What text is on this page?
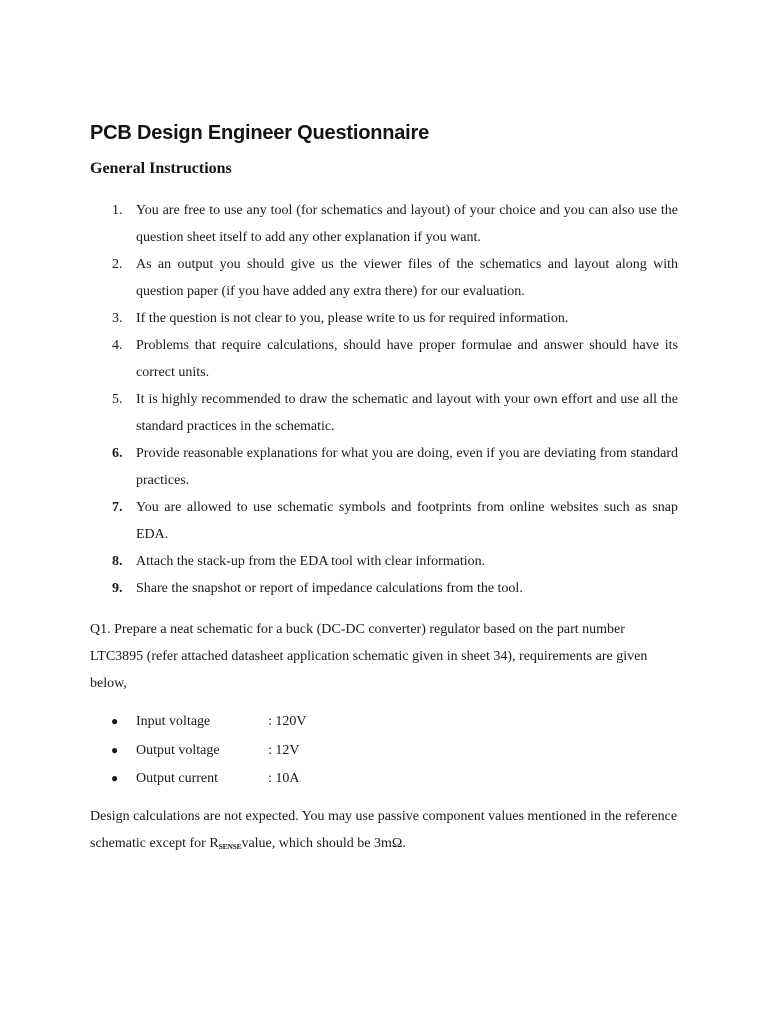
PCB Design Engineer Questionnaire
General Instructions
1. You are free to use any tool (for schematics and layout) of your choice and you can also use the question sheet itself to add any other explanation if you want.
2. As an output you should give us the viewer files of the schematics and layout along with question paper (if you have added any extra there) for our evaluation.
3. If the question is not clear to you, please write to us for required information.
4. Problems that require calculations, should have proper formulae and answer should have its correct units.
5. It is highly recommended to draw the schematic and layout with your own effort and use all the standard practices in the schematic.
6. Provide reasonable explanations for what you are doing, even if you are deviating from standard practices.
7. You are allowed to use schematic symbols and footprints from online websites such as snap EDA.
8. Attach the stack-up from the EDA tool with clear information.
9. Share the snapshot or report of impedance calculations from the tool.

Q1. Prepare a neat schematic for a buck (DC-DC converter) regulator based on the part number LTC3895 (refer attached datasheet application schematic given in sheet 34), requirements are given below,

● Input voltage	: 120V
● Output voltage	: 12V
● Output current	: 10A

Design calculations are not expected. You may use passive component values mentioned in the reference schematic except for $R_{SENSE}value$, which should be 3mΩ.
